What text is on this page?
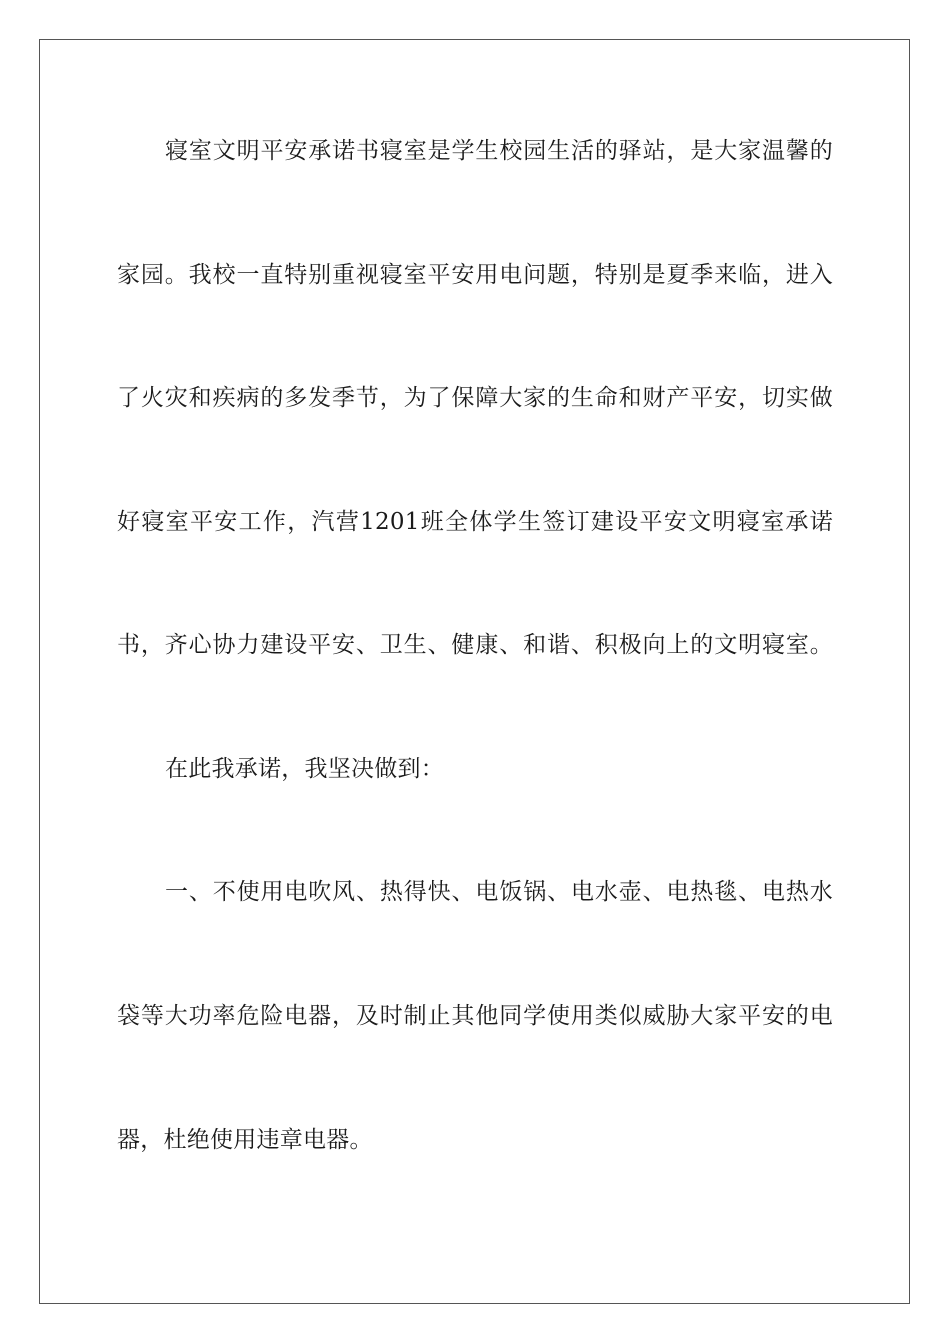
寝室文明平安承诺书寝室是学生校园生活的驿站，是大家温馨的
家园。我校一直特别重视寝室平安用电问题，特别是夏季来临，进入
了火灾和疾病的多发季节，为了保障大家的生命和财产平安，切实做
好寝室平安工作，汽营1201班全体学生签订建设平安文明寝室承诺
书，齐心协力建设平安、卫生、健康、和谐、积极向上的文明寝室。
在此我承诺，我坚决做到：
一、不使用电吹风、热得快、电饭锅、电水壶、电热毯、电热水
袋等大功率危险电器，及时制止其他同学使用类似威胁大家平安的电
器，杜绝使用违章电器。
